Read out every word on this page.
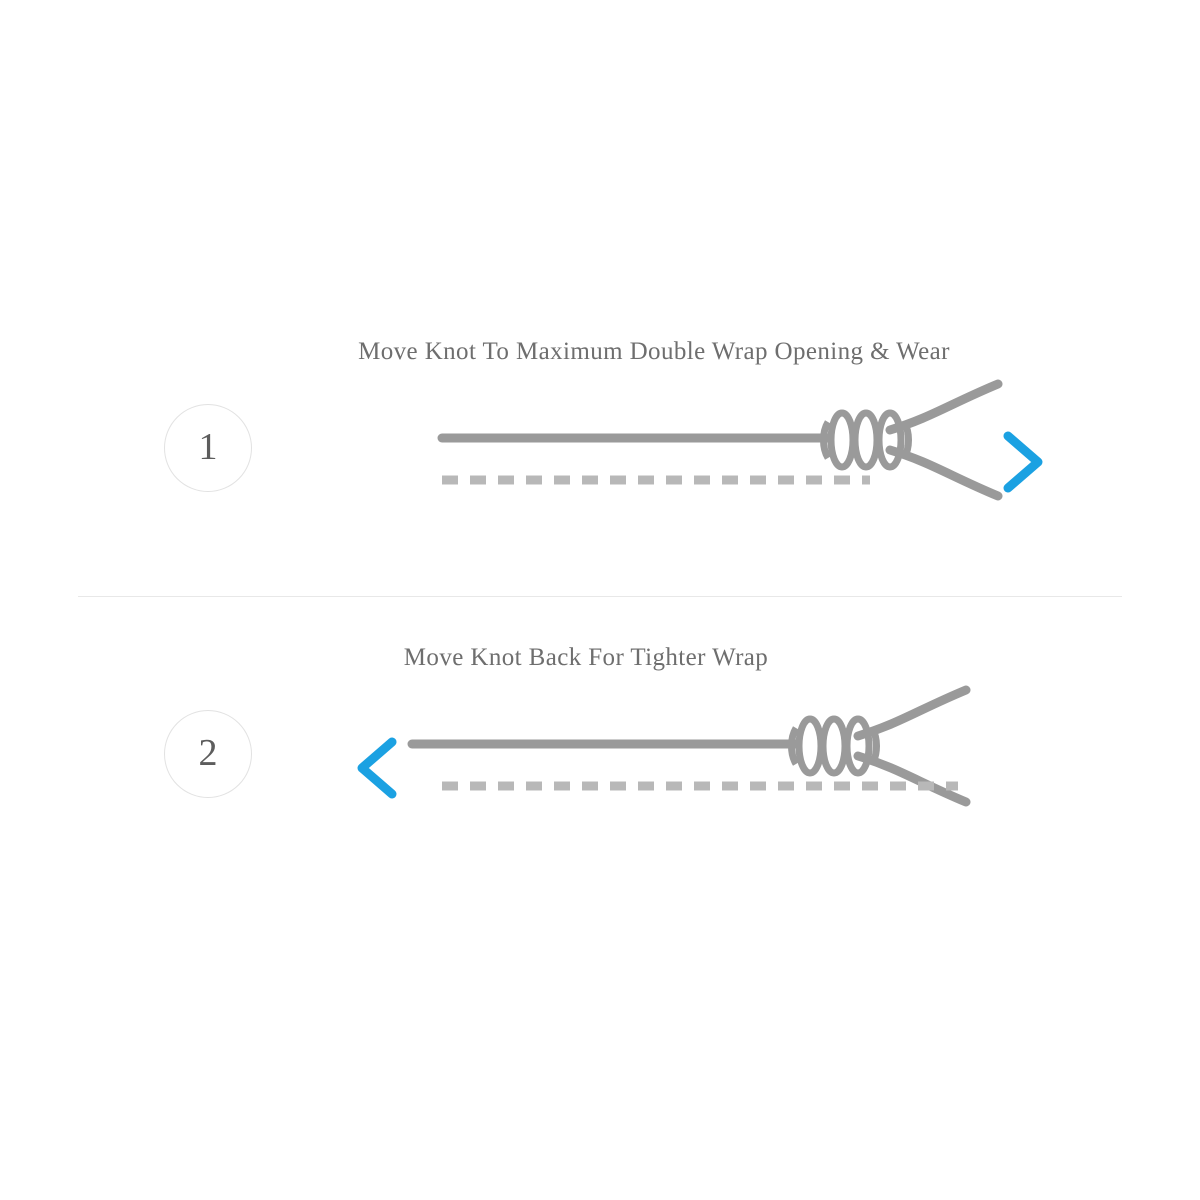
Move Knot To Maximum Double Wrap Opening & Wear
1
Move Knot Back For Tighter Wrap
2
